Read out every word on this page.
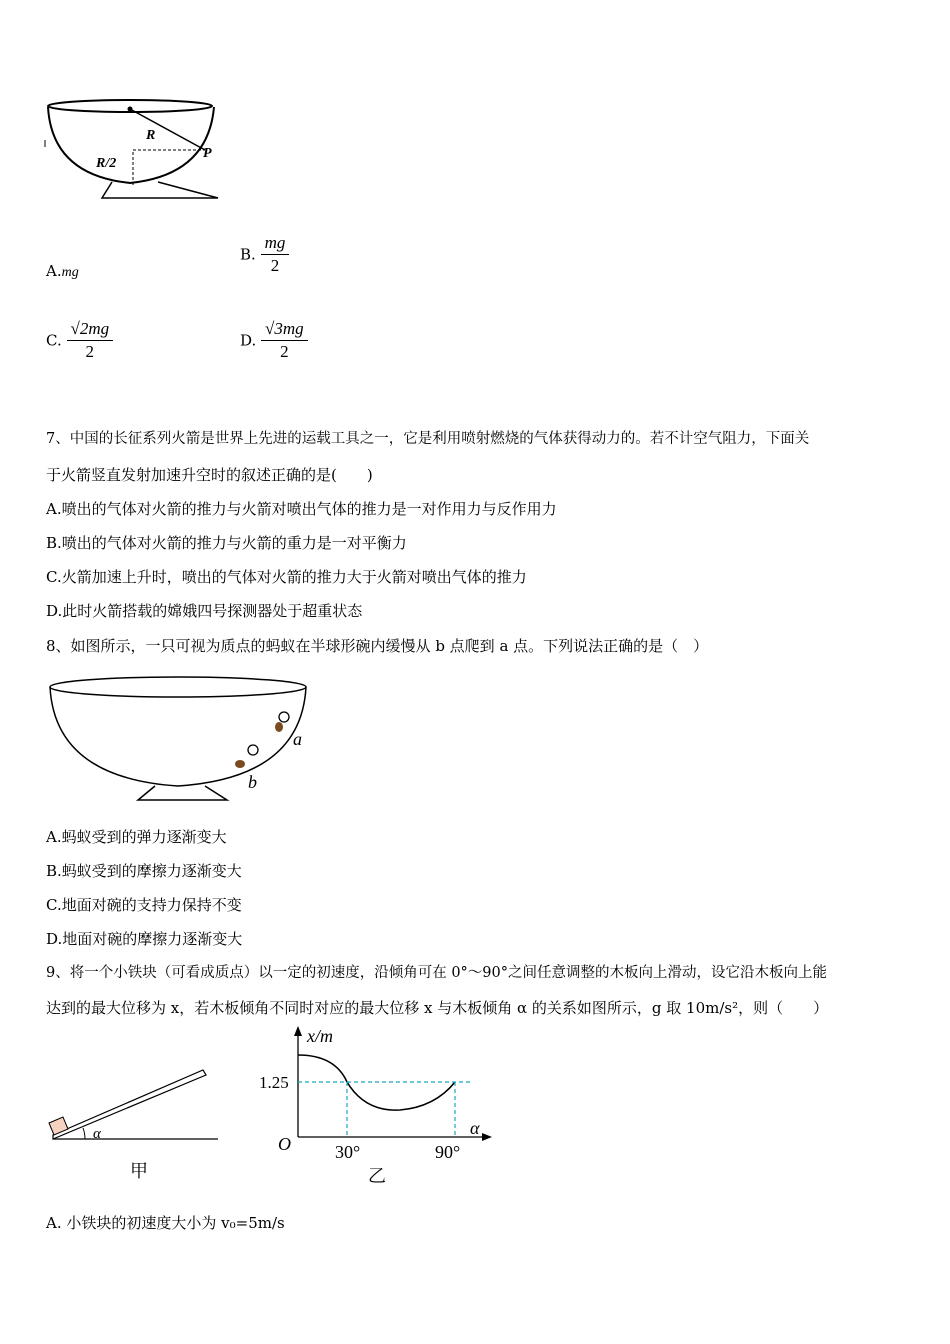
R
R/2
P
A.mg
B. $\frac{mg}{2}$
C. $\frac{√2mg}{2}$	D. $\frac{√3mg}{2}$
7、中国的长征系列火箭是世界上先进的运载工具之一，它是利用喷射燃烧的气体获得动力的。若不计空气阻力，下面关
于火箭竖直发射加速升空时的叙述正确的是(　　)
A.喷出的气体对火箭的推力与火箭对喷出气体的推力是一对作用力与反作用力
B.喷出的气体对火箭的推力与火箭的重力是一对平衡力
C.火箭加速上升时，喷出的气体对火箭的推力大于火箭对喷出气体的推力
D.此时火箭搭载的嫦娥四号探测器处于超重状态
8、如图所示，一只可视为质点的蚂蚁在半球形碗内缓慢从 b 点爬到 a 点。下列说法正确的是（　）
a
b
A.蚂蚁受到的弹力逐渐变大
B.蚂蚁受到的摩擦力逐渐变大
C.地面对碗的支持力保持不变
D.地面对碗的摩擦力逐渐变大
9、将一个小铁块（可看成质点）以一定的初速度，沿倾角可在 0°～90°之间任意调整的木板向上滑动，设它沿木板向上能
达到的最大位移为 x，若木板倾角不同时对应的最大位移 x 与木板倾角 α 的关系如图所示，g 取 10m/s²，则（　　）
α
甲
x/m
1.25
O 30°	90°
α
乙
A. 小铁块的初速度大小为 v₀=5m/s
